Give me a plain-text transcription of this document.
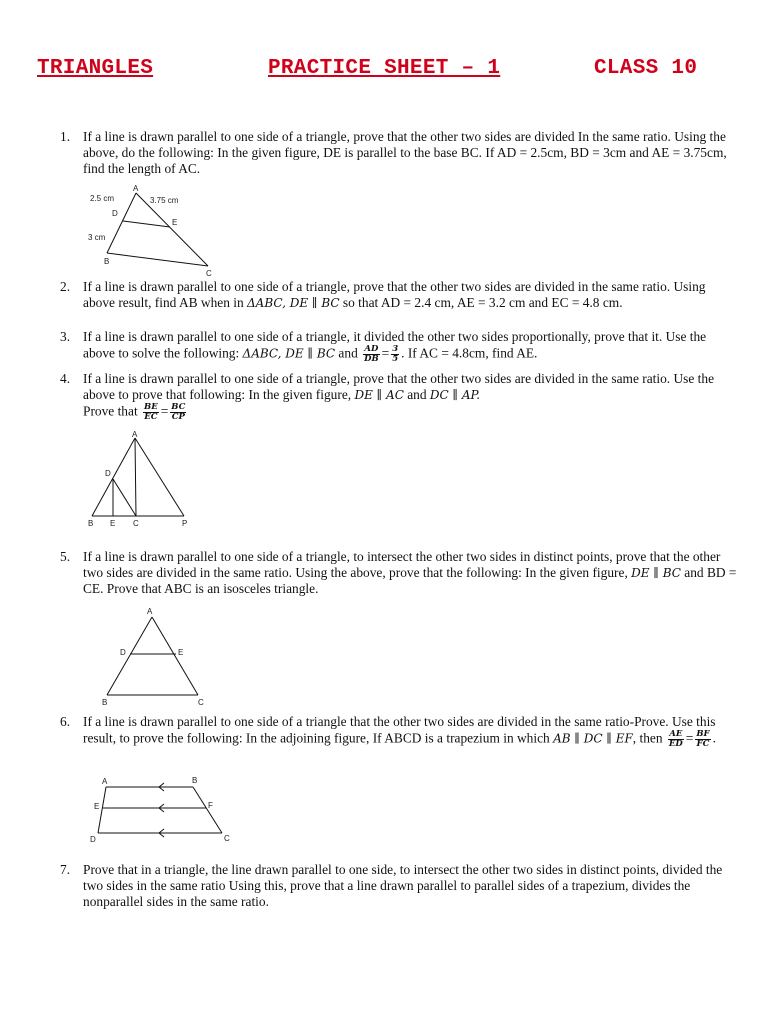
TRIANGLES	PRACTICE SHEET – 1	CLASS 10
1. If a line is drawn parallel to one side of a triangle, prove that the other two sides are divided In the same ratio. Using the above, do the following: In the given figure, DE is parallel to the base BC. If AD = 2.5cm, BD = 3cm and AE = 3.75cm, find the length of AC.
A
D
E
B
C
2.5 cm	3.75 cm
3 cm
2. If a line is drawn parallel to one side of a triangle, prove that the other two sides are divided in the same ratio. Using above result, find AB when in ΔABC, DE ∥ BC so that AD = 2.4 cm, AE = 3.2 cm and EC = 4.8 cm.
3. If a line is drawn parallel to one side of a triangle, it divided the other two sides proportionally, prove that it. Use the above to solve the following: ΔABC, DE ∥ BC and $\frac{AD}{DB} = \frac{3}{5}$ . If AC = 4.8cm, find AE.
4. If a line is drawn parallel to one side of a triangle, prove that the other two sides are divided in the same ratio. Use the above to prove that following: In the given figure, DE ∥ AC and DC ∥ AP.
Prove that $\frac{BE}{EC} = \frac{BC}{CP}$
A
D
B E C	P
5. If a line is drawn parallel to one side of a triangle, to intersect the other two sides in distinct points, prove that the other two sides are divided in the same ratio. Using the above, prove that the following: In the given figure, DE ∥ BC and BD = CE. Prove that ABC is an isosceles triangle.
A
D	E
B	C
6. If a line is drawn parallel to one side of a triangle that the other two sides are divided in the same ratio-Prove. Use this result, to prove the following: In the adjoining figure, If ABCD is a trapezium in which AB ∥ DC ∥ EF, then $\frac{AE}{ED} = \frac{BF}{FC}$ .
A	B
E	F
D	C
7. Prove that in a triangle, the line drawn parallel to one side, to intersect the other two sides in distinct points, divided the two sides in the same ratio Using this, prove that a line drawn parallel to parallel sides of a trapezium, divides the nonparallel sides in the same ratio.
